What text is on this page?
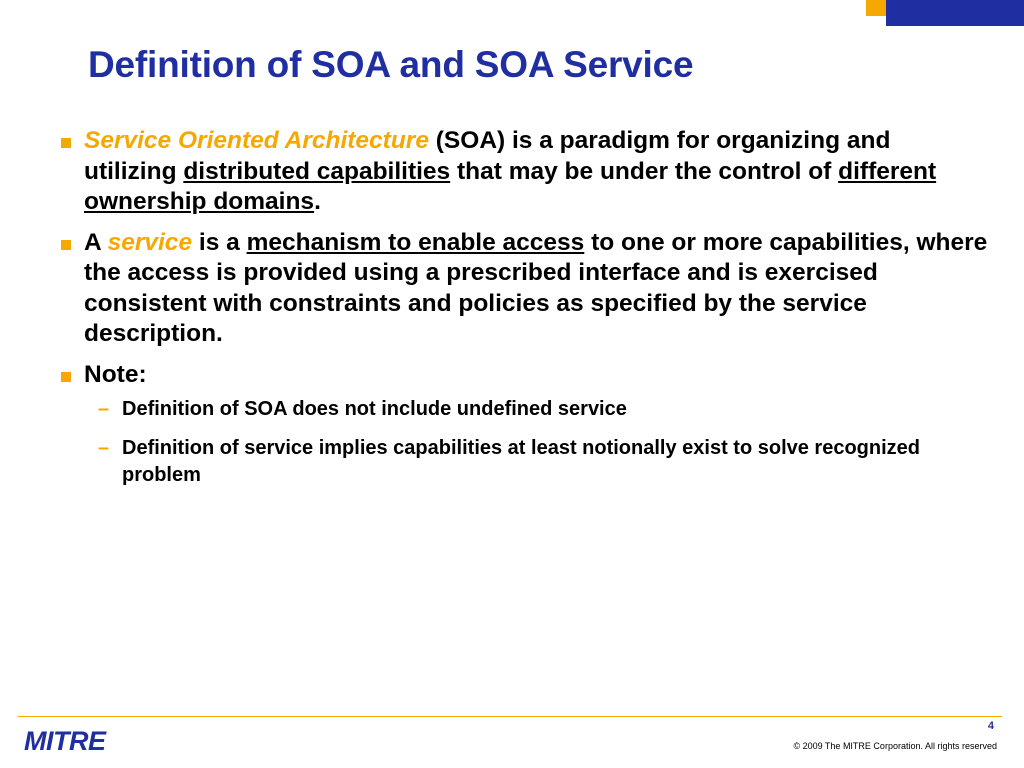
Definition of SOA and SOA Service
Service Oriented Architecture (SOA) is a paradigm for organizing and utilizing distributed capabilities that may be under the control of different ownership domains.
A service is a mechanism to enable access to one or more capabilities, where the access is provided using a prescribed interface and is exercised consistent with constraints and policies as specified by the service description.
Note:
– Definition of SOA does not include undefined service
– Definition of service implies capabilities at least notionally exist to solve recognized problem
MITRE	4
© 2009 The MITRE Corporation. All rights reserved
